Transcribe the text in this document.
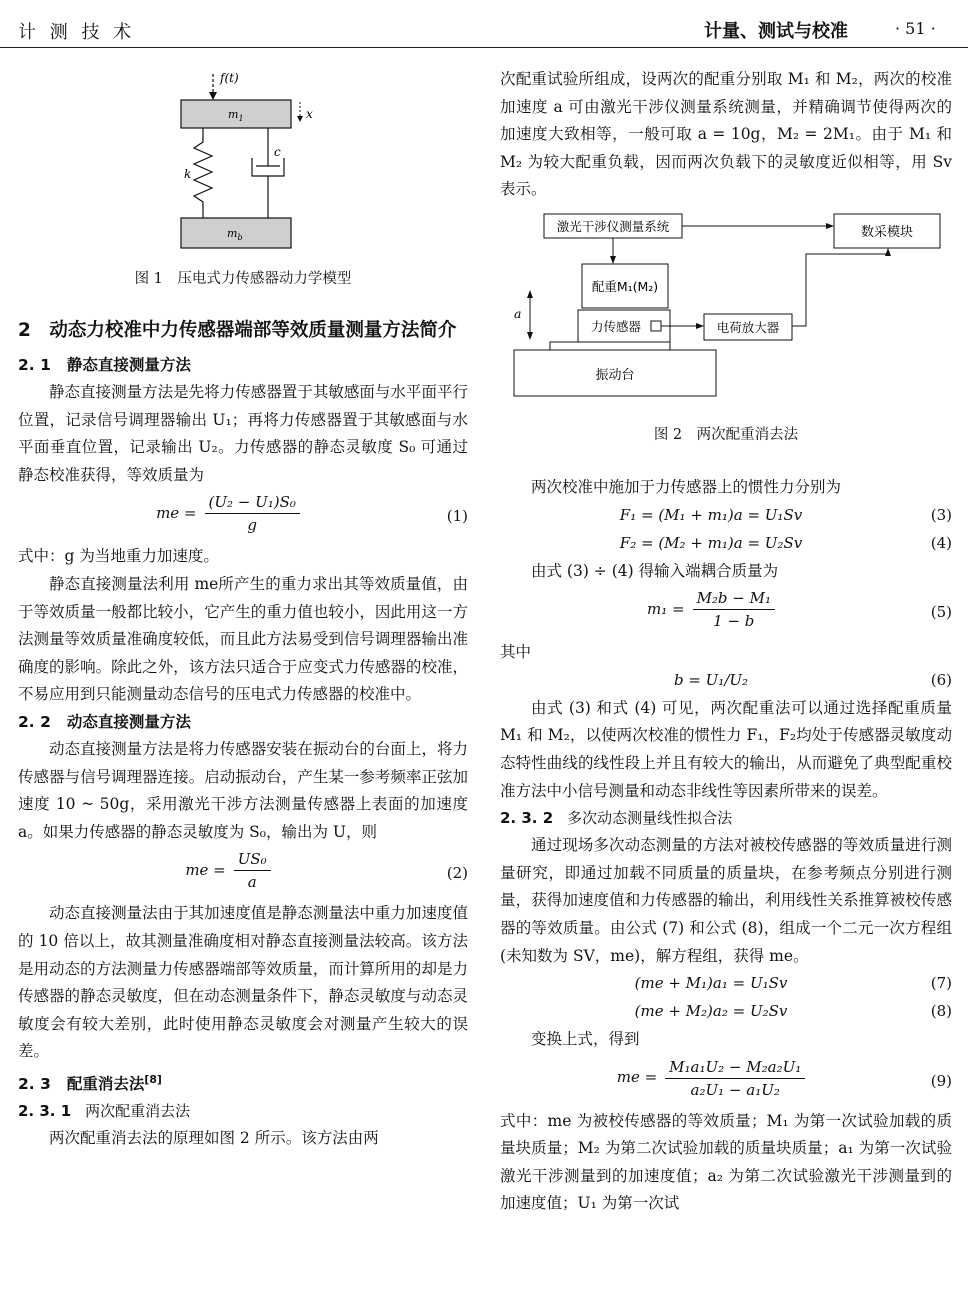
计 测 技 术	计量、测试与校准	· 51 ·
f(t)
$m_1$	x
k
c
$m_b$
图 1　压电式力传感器动力学模型
2　动态力校准中力传感器端部等效质量测量方法简介
2. 1 静态直接测量方法

静态直接测量方法是先将力传感器置于其敏感面与水平面平行位置，记录信号调理器输出 U₁；再将力传感器置于其敏感面与水平面垂直位置，记录输出 U₂。力传感器的静态灵敏度 S₀ 可通过静态校准获得，等效质量为

me = $\frac{\text{(U₂ − U₁)S₀}}{g}$	(1)

式中：g 为当地重力加速度。

静态直接测量法利用 me所产生的重力求出其等效质量值，由于等效质量一般都比较小，它产生的重力值也较小，因此用这一方法测量等效质量准确度较低，而且此方法易受到信号调理器输出准确度的影响。除此之外，该方法只适合于应变式力传感器的校准，不易应用到只能测量动态信号的压电式力传感器的校准中。

2. 2 动态直接测量方法

动态直接测量方法是将力传感器安装在振动台的台面上，将力传感器与信号调理器连接。启动振动台，产生某一参考频率正弦加速度 10 ~ 50g，采用激光干涉方法测量传感器上表面的加速度 a。如果力传感器的静态灵敏度为 S₀，输出为 U，则

me = $\frac{\text{US₀}}{a}$	(2)

动态直接测量法由于其加速度值是静态测量法中重力加速度值的 10 倍以上，故其测量准确度相对静态直接测量法较高。该方法是用动态的方法测量力传感器端部等效质量，而计算所用的却是力传感器的静态灵敏度，但在动态测量条件下，静态灵敏度与动态灵敏度会有较大差别，此时使用静态灵敏度会对测量产生较大的误差。

2. 3 配重消去法[8]
2. 3. 1 两次配重消去法

两次配重消去法的原理如图 2 所示。该方法由两

次配重试验所组成，设两次的配重分别取 M₁ 和 M₂，两次的校准加速度 a 可由激光干涉仪测量系统测量，并精确调节使得两次的加速度大致相等，一般可取 a = 10g，M₂ = 2M₁。由于 M₁ 和 M₂ 为较大配重负载，因而两次负载下的灵敏度近似相等，用 Sv表示。

激光干涉仪测量系统	数采模块
配重M₁(M₂)
力传感器	电荷放大器
振动台
a
图 2　两次配重消去法

两次校准中施加于力传感器上的惯性力分别为

F₁ = (M₁ + m₁)a = U₁Sv	(3)
F₂ = (M₂ + m₁)a = U₂Sv	(4)

由式 (3) ÷ (4) 得输入端耦合质量为

$m_1 = \frac{\text{M₂b − M₁}}{1 - b}$	(5)

其中

b = U₁/U₂	(6)

由式 (3) 和式 (4) 可见，两次配重法可以通过选择配重质量 M₁ 和 M₂，以使两次校准的惯性力 F₁，F₂均处于传感器灵敏度动态特性曲线的线性段上并且有较大的输出，从而避免了典型配重校准方法中小信号测量和动态非线性等因素所带来的误差。

2. 3. 2 多次动态测量线性拟合法

通过现场多次动态测量的方法对被校传感器的等效质量进行测量研究，即通过加载不同质量的质量块，在参考频点分别进行测量，获得加速度值和力传感器的输出，利用线性关系推算被校传感器的等效质量。由公式 (7) 和公式 (8)，组成一个二元一次方程组 (未知数为 SV，me)，解方程组，获得 me。

(me + M₁)a₁ = U₁Sv	(7)
(me + M₂)a₂ = U₂Sv	(8)

变换上式，得到

me = $\frac{\text{M₁a₁U₂ − M₂a₂U₁}}{\text{a₂U₁ − a₁U₂}}$	(9)

式中：me 为被校传感器的等效质量；M₁ 为第一次试验加载的质量块质量；M₂ 为第二次试验加载的质量块质量；a₁ 为第一次试验激光干涉测量到的加速度值；a₂ 为第二次试验激光干涉测量到的加速度值；U₁ 为第一次试
